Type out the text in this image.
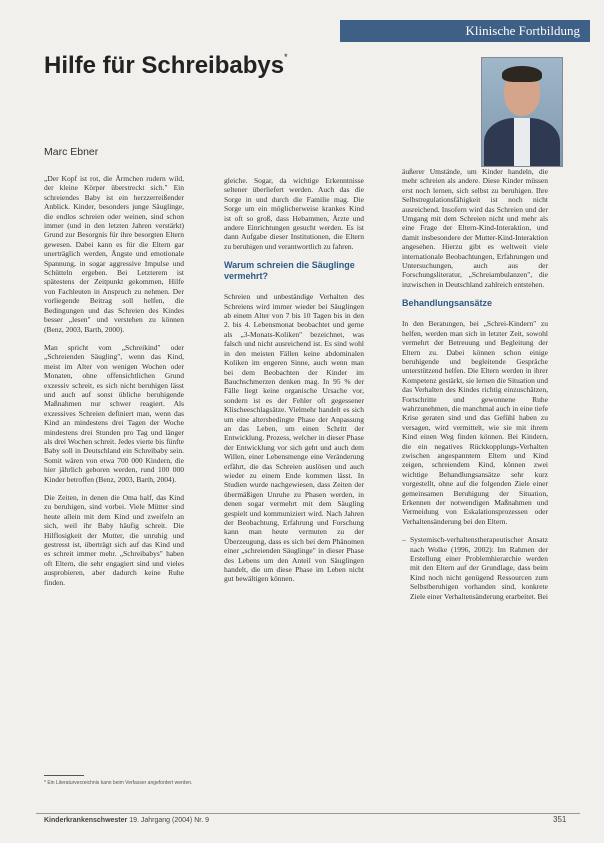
Klinische Fortbildung
Hilfe für Schreibabys*
Marc Ebner

„Der Kopf ist rot, die Ärmchen rudern wild, der kleine Körper überstreckt sich." Ein schreiendes Baby ist ein herzzerreißender Anblick. Kinder, besonders junge Säuglinge, die endlos schreien oder weinen, sind schon immer (und in den letzten Jahren verstärkt) Grund zur Besorgnis für ihre besorgten Eltern gewesen. Dabei kann es für die Eltern gar unerträglich werden, Ängste und emotionale Spannung, in sogar aggressive Impulse und Schütteln ergeben. Bei Letzterem ist spätestens der Zeitpunkt gekommen, Hilfe von Fachleuten in Anspruch zu nehmen. Der vorliegende Beitrag soll helfen, die Bedingungen und das Schreien des Kindes besser „lesen" und verstehen zu können (Benz, 2003, Barth, 2000).

Man spricht vom „Schreikind" oder „Schreienden Säugling", wenn das Kind, meist im Alter von wenigen Wochen oder Monaten, ohne offensichtlichen Grund exzessiv schreit, es sich nicht beruhigen lässt und auch auf sonst übliche beruhigende Maßnahmen nur schwer reagiert. Als exzessives Schreien definiert man, wenn das Kind an mindestens drei Tagen der Woche mindestens drei Stunden pro Tag und länger als drei Wochen schreit. Jedes vierte bis fünfte Baby soll in Deutschland ein Schreibaby sein. Somit wären von etwa 700 000 Kindern, die hier jährlich geboren werden, rund 100 000 Kinder betroffen (Benz, 2003, Barth, 2004).

Die Zeiten, in denen die Oma half, das Kind zu beruhigen, sind vorbei. Viele Mütter sind heute allein mit dem Kind und zweifeln an sich, weil ihr Baby häufig schreit. Die Hilflosigkeit der Mutter, die unruhig und gestresst ist, überträgt sich auf das Kind und es schreit immer mehr. „Schreibabys" haben oft Eltern, die sehr engagiert sind und vieles ausprobieren, aber dadurch keine Ruhe finden.

gleiche. Sogar, da wichtige Erkenntnisse seltener überliefert werden. Auch das die Sorge in und durch die Familie mag. Die Sorge um ein möglicherweise krankes Kind ist oft so groß, dass Hebammen, Ärzte und andere Einrichtungen gesucht werden. Es ist dann Aufgabe dieser Institutionen, die Eltern zu beruhigen und verantwortlich zu fahren.

Warum schreien die Säuglinge vermehrt?

Schreien und unbeständige Verhalten des Schreiens wird immer wieder bei Säuglingen ab einem Alter von 7 bis 10 Tagen bis in den 2. bis 4. Lebensmonat beobachtet und gerne als „3-Monats-Koliken" bezeichnet, was falsch und nicht ausreichend ist. Es sind wohl in den meisten Fällen keine abdominalen Koliken im engeren Sinne, auch wenn man bei dem Beobachten der Kinder im Bauchschmerzen denken mag. In 95 % der Fälle liegt keine organische Ursache vor, sondern ist es der Fehler oft gegessener Klischeeschlagsätze. Vielmehr handelt es sich um eine altersbedingte Phase der Anpassung an das Leben, um einen Schritt der Entwicklung. Prozess, welcher in dieser Phase der Entwicklung vor sich geht und auch dem Willen, einer Lebensmenge eine Veränderung erfährt, die das Schreien auslösen und auch wieder zu einem Ende kommen lässt. In Studien wurde nachgewiesen, dass Zeiten der übermäßigen Unruhe zu Phasen werden, in denen sogar vermehrt mit dem Säugling gespielt und kommuniziert wird. Nach Jahren der Beobachtung, Erfahrung und Forschung kann man heute vermuten zu der Überzeugung, dass es sich bei dem Phänomen einer „schreienden Säuglinge" in dieser Phase des Lebens um den Anteil von Säuglingen handelt, die um diese Phase im Leben nicht gut bewältigen können.

äußerer Umstände, um Kinder handeln, die mehr schreien als andere. Diese Kinder müssen erst noch lernen, sich selbst zu beruhigen. Ihre Selbstregulationsfähigkeit ist noch nicht ausreichend. Insofern wird das Schreien und der Umgang mit dem Schreien nicht und mehr als eine Frage der Eltern-Kind-Interaktion, und damit insbesondere der Mutter-Kind-Interaktion angesehen. Hierzu gibt es weltweit viele internationale Beobachtungen, Erfahrungen und Untersuchungen, auch aus der Forschungsliteratur, „Schreiambulanzen", die inzwischen in Deutschland zahlreich entstehen.

Behandlungsansätze

In den Beratungen, bei „Schrei-Kindern" zu helfen, werden man sich in letzter Zeit, sowohl vermehrt der Betreuung und Begleitung der Eltern zu. Dabei können schon einige beruhigende und begleitende Gespräche unterstützend helfen. Die Eltern werden in ihrer Kompetenz gestärkt, sie lernen die Situation und das Verhalten des Kindes richtig einzuschätzen, Fortschritte und gewonnene Ruhe wahrzunehmen, die manchmal auch in eine tiefe Krise geraten sind und das Gefühl haben zu versagen, wird vermittelt, wie sie mit ihrem Kind einen Weg finden können. Bei Kindern, die ein negatives Rückkopplungs-Verhalten zwischen angespanntem Eltern und Kind zeigen, schreiendem Kind, können zwei wichtige Behandlungsansätze sehr kurz vorgestellt, ohne auf die folgenden Ziele einer gemeinsamen Beruhigung der Situation, Erkennen der notwendigen Maßnahmen und Vermeidung von Eskalationsprozessen oder Verhaltensänderung bei den Eltern.

– Systemisch-verhaltenstherapeutischer Ansatz nach Wolke (1996, 2002): Im Rahmen der Erstellung einer Problemhierarchie werden mit den Eltern auf der Grundlage, dass beim Kind noch nicht genügend Ressourcen zum Selbstberuhigen vorhanden sind, konkrete Ziele einer Verhaltensänderung erarbeitet. Bei
* Ein Literaturverzeichnis kann beim Verfasser angefordert werden.
Kinderkrankenschwester 19. Jahrgang (2004) Nr. 9	351
